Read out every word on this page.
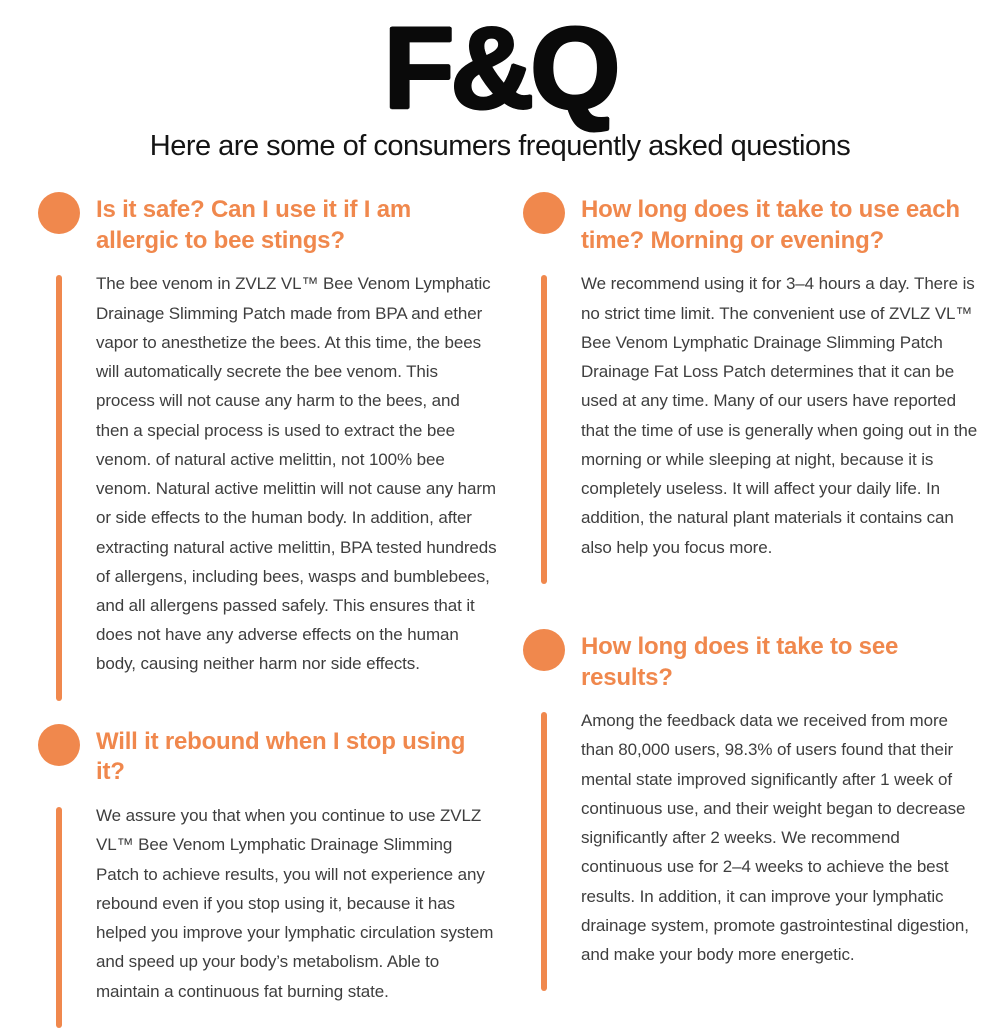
F&Q

Here are some of consumers frequently asked questions

Is it safe? Can I use it if I am allergic to bee stings?

The bee venom in ZVLZ VL™ Bee Venom Lymphatic Drainage Slimming Patch made from BPA and ether vapor to anesthetize the bees. At this time, the bees will automatically secrete the bee venom. This process will not cause any harm to the bees, and then a special process is used to extract the bee venom. of natural active melittin, not 100% bee venom. Natural active melittin will not cause any harm or side effects to the human body. In addition, after extracting natural active melittin, BPA tested hundreds of allergens, including bees, wasps and bumblebees, and all allergens passed safely. This ensures that it does not have any adverse effects on the human body, causing neither harm nor side effects.

Will it rebound when I stop using it?

We assure you that when you continue to use ZVLZ VL™ Bee Venom Lymphatic Drainage Slimming Patch to achieve results, you will not experience any rebound even if you stop using it, because it has helped you improve your lymphatic circulation system and speed up your body’s metabolism. Able to maintain a continuous fat burning state.

How long does it take to use each time? Morning or evening?

We recommend using it for 3–4 hours a day. There is no strict time limit. The convenient use of ZVLZ VL™ Bee Venom Lymphatic Drainage Slimming Patch Drainage Fat Loss Patch determines that it can be used at any time. Many of our users have reported that the time of use is generally when going out in the morning or while sleeping at night, because it is completely useless. It will affect your daily life. In addition, the natural plant materials it contains can also help you focus more.

How long does it take to see results?

Among the feedback data we received from more than 80,000 users, 98.3% of users found that their mental state improved significantly after 1 week of continuous use, and their weight began to decrease significantly after 2 weeks. We recommend continuous use for 2–4 weeks to achieve the best results. In addition, it can improve your lymphatic drainage system, promote gastrointestinal digestion, and make your body more energetic.
